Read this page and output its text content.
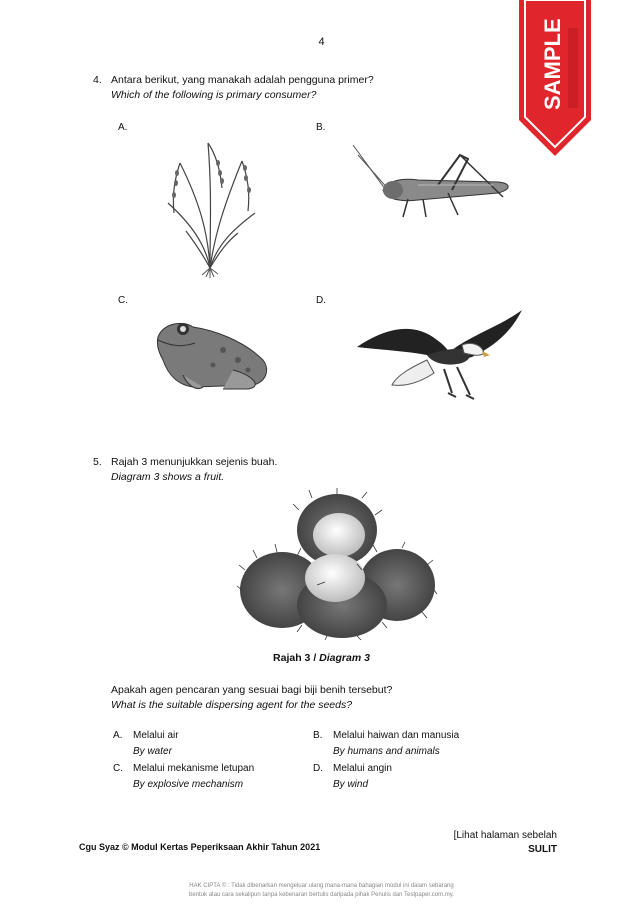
4	SAMPLE
4. Antara berikut, yang manakah adalah pengguna primer?
Which of the following is primary consumer?
A.	B.
C.	D.
5. Rajah 3 menunjukkan sejenis buah.
Diagram 3 shows a fruit.
Rajah 3 / Diagram 3
Apakah agen pencaran yang sesuai bagi biji benih tersebut?
What is the suitable dispersing agent for the seeds?
A. Melalui air
By water
B. Melalui haiwan dan manusia
By humans and animals
C. Melalui mekanisme letupan
By explosive mechanism
D. Melalui angin
By wind
Cgu Syaz © Modul Kertas Peperiksaan Akhir Tahun 2021
[Lihat halaman sebelah
SULIT
HAK CIPTA © : Tidak dibenarkan mengeluar ulang mana-mana bahagian modul ini dalam sebarang
bentuk atau cara sekalipun tanpa kebenaran bertulis daripada pihak Penulis dan Testpaper.com.my.
